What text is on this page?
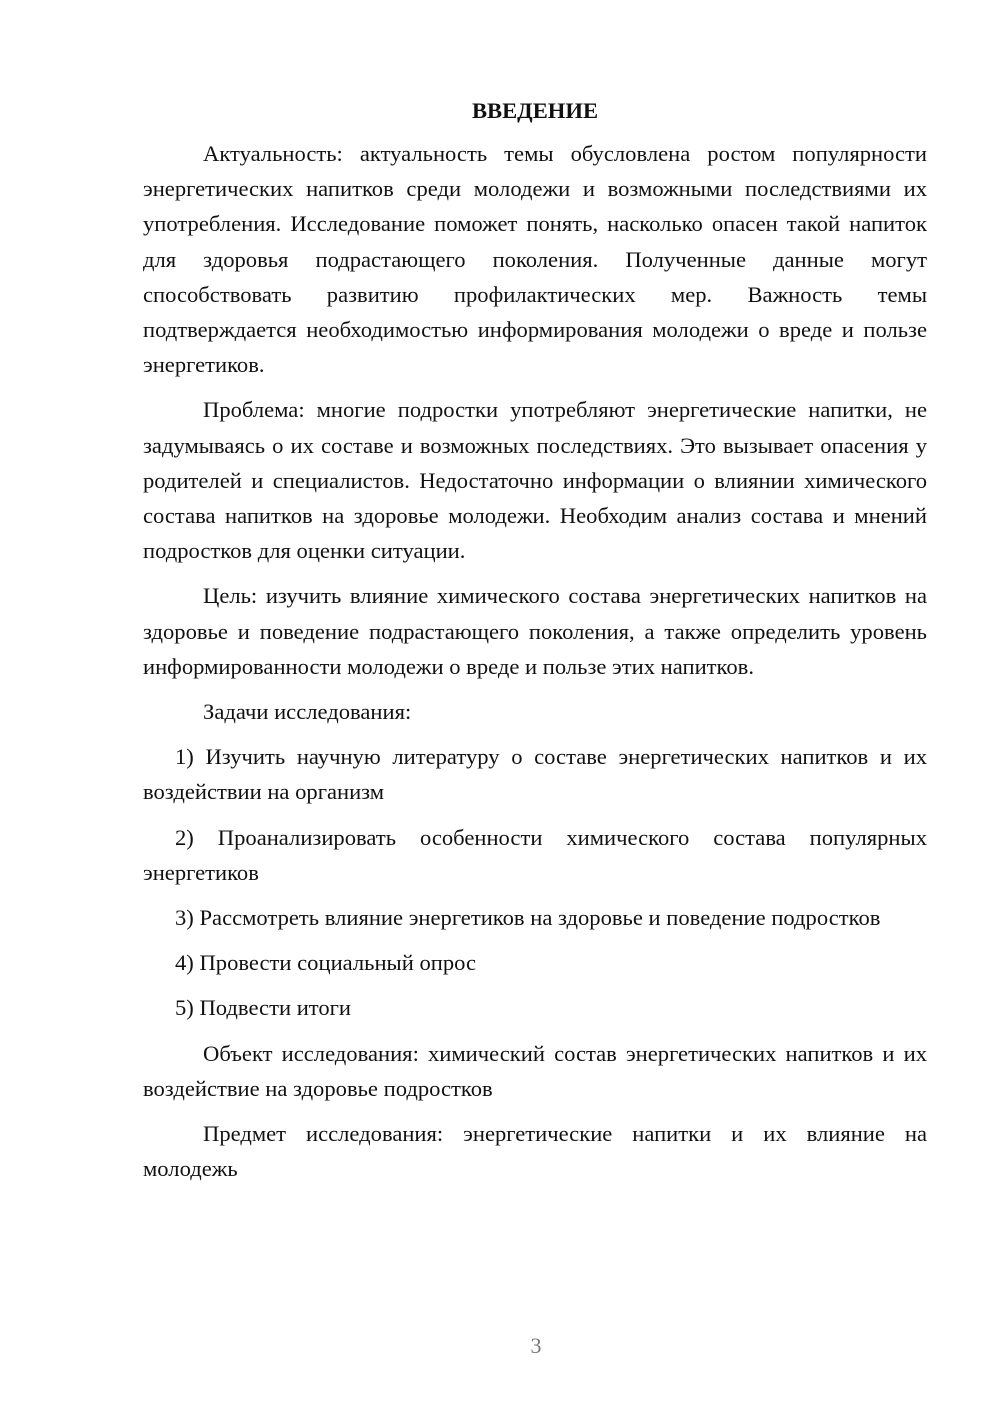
ВВЕДЕНИЕ

Актуальность: актуальность темы обусловлена ростом популярности энергетических напитков среди молодежи и возможными последствиями их употребления. Исследование поможет понять, насколько опасен такой напиток для здоровья подрастающего поколения. Полученные данные могут способствовать развитию профилактических мер. Важность темы подтверждается необходимостью информирования молодежи о вреде и пользе энергетиков.

Проблема: многие подростки употребляют энергетические напитки, не задумываясь о их составе и возможных последствиях. Это вызывает опасения у родителей и специалистов. Недостаточно информации о влиянии химического состава напитков на здоровье молодежи. Необходим анализ состава и мнений подростков для оценки ситуации.

Цель: изучить влияние химического состава энергетических напитков на здоровье и поведение подрастающего поколения, а также определить уровень информированности молодежи о вреде и пользе этих напитков.

Задачи исследования:

1) Изучить научную литературу о составе энергетических напитков и их воздействии на организм

2) Проанализировать особенности химического состава популярных энергетиков

3) Рассмотреть влияние энергетиков на здоровье и поведение подростков

4) Провести социальный опрос

5) Подвести итоги

Объект исследования: химический состав энергетических напитков и их воздействие на здоровье подростков

Предмет исследования: энергетические напитки и их влияние на молодежь

3
